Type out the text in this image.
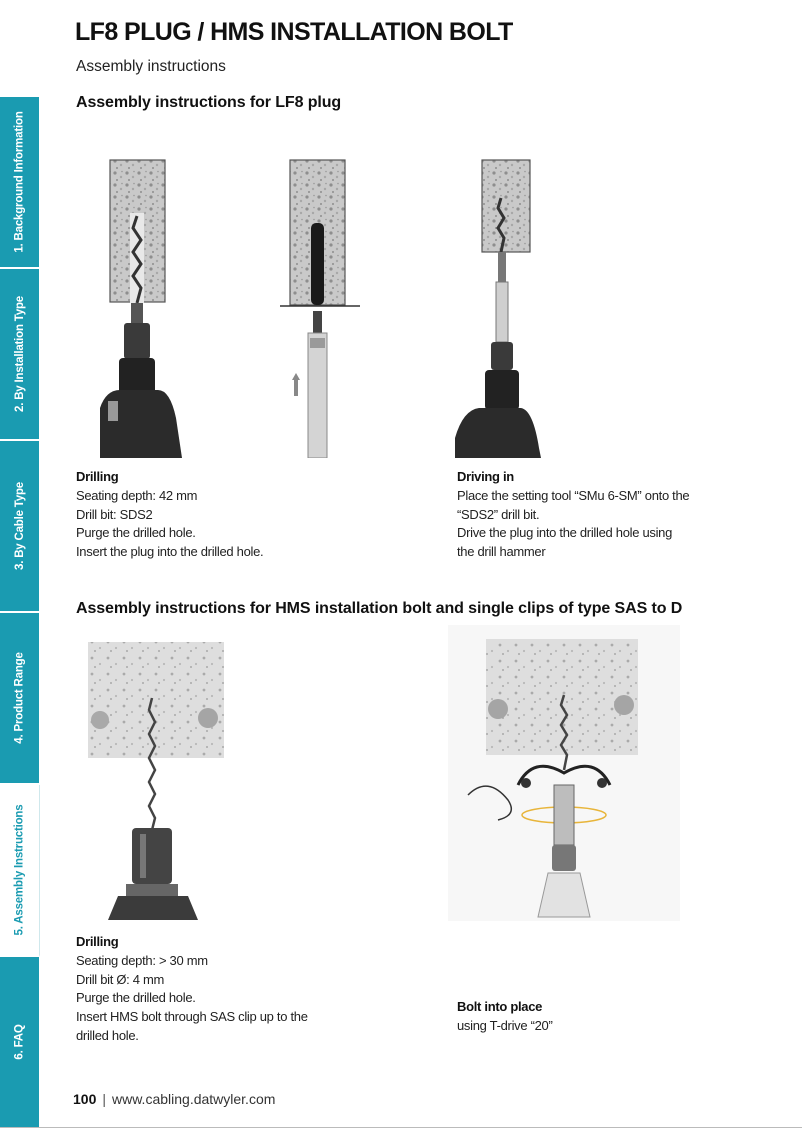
1. Background Information
2. By Installation Type
3. By Cable Type
4. Product Range
5. Assembly Instructions
6. FAQ
LF8 PLUG / HMS INSTALLATION BOLT
Assembly instructions
Assembly instructions for LF8 plug
Drilling
Seating depth: 42 mm
Drill bit: SDS2
Purge the drilled hole.
Insert the plug into the drilled hole.
Driving in
Place the setting tool “SMu 6-SM” onto the
“SDS2” drill bit.
Drive the plug into the drilled hole using
the drill hammer
Assembly instructions for HMS installation bolt and single clips of type SAS to D
Drilling
Seating depth: > 30 mm
Drill bit Ø: 4 mm
Purge the drilled hole.
Insert HMS bolt through SAS clip up to the
drilled hole.
Bolt into place
using T-drive “20”
100 | www.cabling.datwyler.com
